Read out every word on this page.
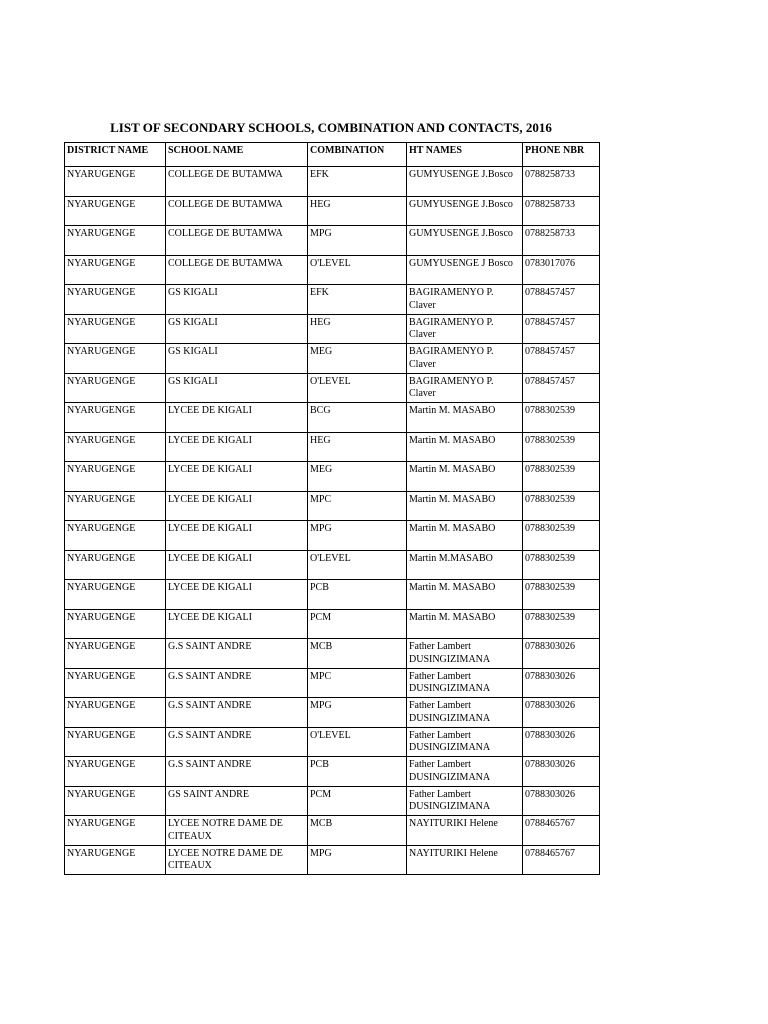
LIST OF SECONDARY SCHOOLS, COMBINATION AND CONTACTS, 2016
DISTRICT NAME	SCHOOL NAME	COMBINATION	HT NAMES	PHONE NBR
NYARUGENGE	COLLEGE DE BUTAMWA	EFK	GUMYUSENGE J.Bosco	0788258733
NYARUGENGE	COLLEGE DE BUTAMWA	HEG	GUMYUSENGE J.Bosco	0788258733
NYARUGENGE	COLLEGE DE BUTAMWA	MPG	GUMYUSENGE J.Bosco	0788258733
NYARUGENGE	COLLEGE DE BUTAMWA	O'LEVEL	GUMYUSENGE J Bosco	0783017076
NYARUGENGE	GS KIGALI	EFK	BAGIRAMENYO P. Claver	0788457457
NYARUGENGE	GS KIGALI	HEG	BAGIRAMENYO P. Claver	0788457457
NYARUGENGE	GS KIGALI	MEG	BAGIRAMENYO P. Claver	0788457457
NYARUGENGE	GS KIGALI	O'LEVEL	BAGIRAMENYO P. Claver	0788457457
NYARUGENGE	LYCEE DE KIGALI	BCG	Martin M. MASABO	0788302539
NYARUGENGE	LYCEE DE KIGALI	HEG	Martin M. MASABO	0788302539
NYARUGENGE	LYCEE DE KIGALI	MEG	Martin M. MASABO	0788302539
NYARUGENGE	LYCEE DE KIGALI	MPC	Martin M. MASABO	0788302539
NYARUGENGE	LYCEE DE KIGALI	MPG	Martin M. MASABO	0788302539
NYARUGENGE	LYCEE DE KIGALI	O'LEVEL	Martin M.MASABO	0788302539
NYARUGENGE	LYCEE DE KIGALI	PCB	Martin M. MASABO	0788302539
NYARUGENGE	LYCEE DE KIGALI	PCM	Martin M. MASABO	0788302539
NYARUGENGE	G.S SAINT ANDRE	MCB	Father Lambert DUSINGIZIMANA	0788303026
NYARUGENGE	G.S SAINT ANDRE	MPC	Father Lambert DUSINGIZIMANA	0788303026
NYARUGENGE	G.S SAINT ANDRE	MPG	Father Lambert DUSINGIZIMANA	0788303026
NYARUGENGE	G.S SAINT ANDRE	O'LEVEL	Father Lambert DUSINGIZIMANA	0788303026
NYARUGENGE	G.S SAINT ANDRE	PCB	Father Lambert DUSINGIZIMANA	0788303026
NYARUGENGE	GS SAINT ANDRE	PCM	Father Lambert DUSINGIZIMANA	0788303026
NYARUGENGE	LYCEE NOTRE DAME DE CITEAUX	MCB	NAYITURIKI Helene	0788465767
NYARUGENGE	LYCEE NOTRE DAME DE CITEAUX	MPG	NAYITURIKI Helene	0788465767
